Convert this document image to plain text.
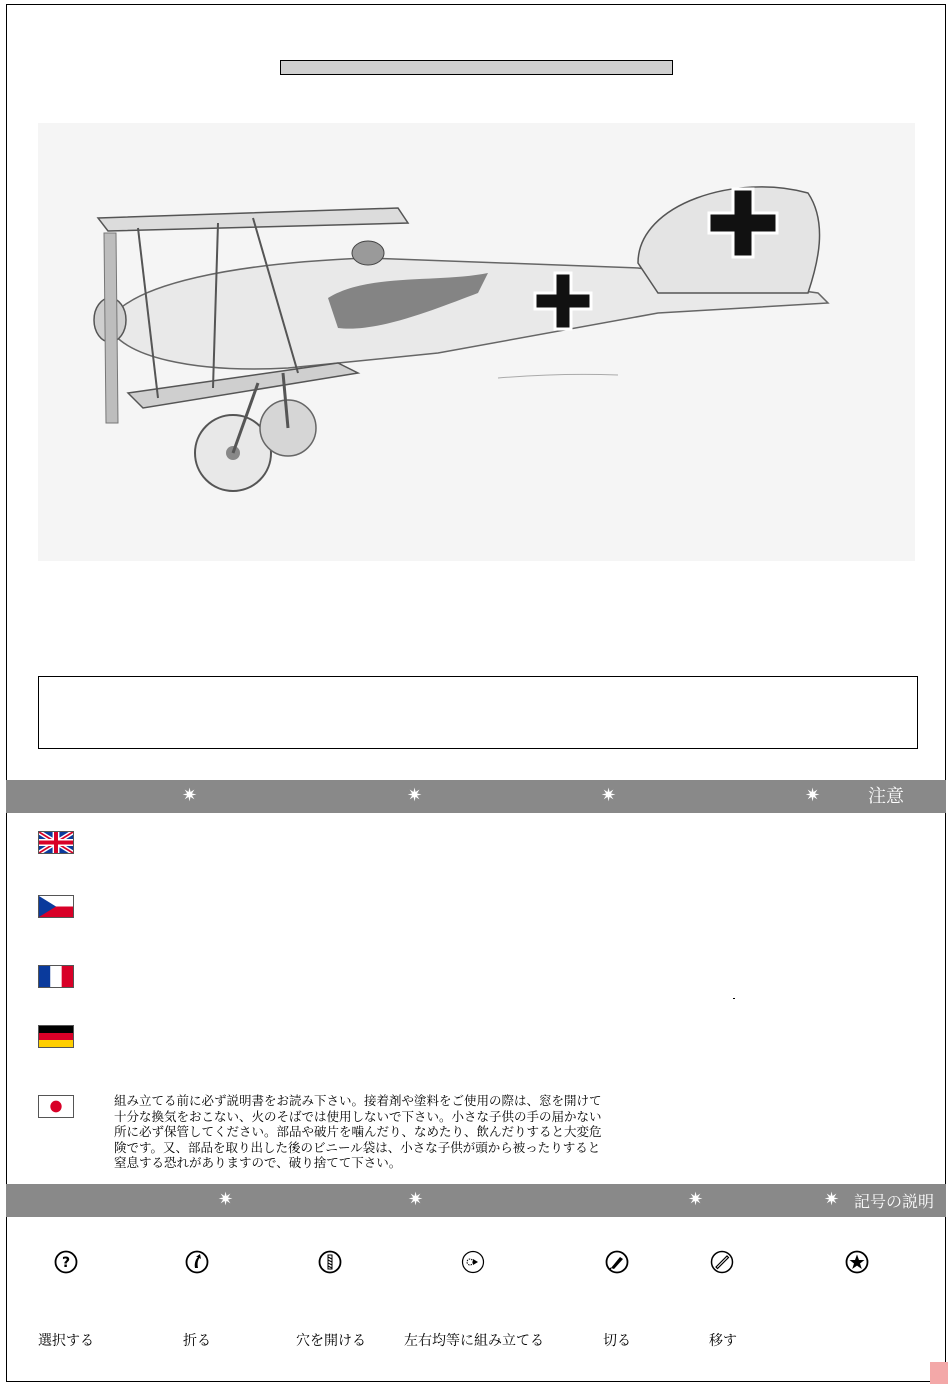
✷	✷	✷	✷	注意

組み立てる前に必ず説明書をお読み下さい。接着剤や塗料をご使用の際は、窓を開けて
十分な換気をおこない、火のそばでは使用しないで下さい。小さな子供の手の届かない
所に必ず保管してください。部品や破片を噛んだり、なめたり、飲んだりすると大変危
険です。又、部品を取り出した後のビニール袋は、小さな子供が頭から被ったりすると
窒息する恐れがありますので、破り捨てて下さい。

✷	✷	✷	✷ 記号の説明
?
選択する	折る	穴を開ける	左右均等に組み立てる	切る	移す
